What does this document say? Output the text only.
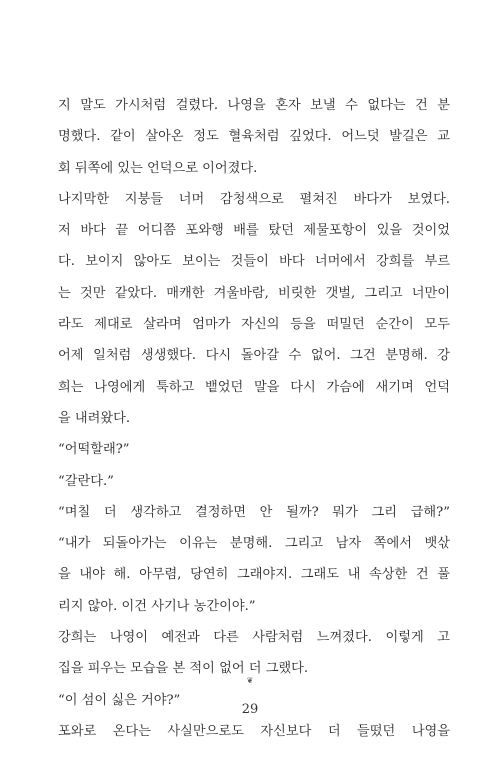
지 말도 가시처럼 걸렸다. 나영을 혼자 보낼 수 없다는 건 분
명했다. 같이 살아온 정도 혈육처럼 깊었다. 어느덧 발길은 교
회 뒤쪽에 있는 언덕으로 이어졌다.
나지막한 지붕들 너머 감청색으로 펼쳐진 바다가 보였다.
저 바다 끝 어디쯤 포와행 배를 탔던 제물포항이 있을 것이었
다. 보이지 않아도 보이는 것들이 바다 너머에서 강희를 부르
는 것만 같았다. 매캐한 겨울바람, 비릿한 갯벌, 그리고 너만이
라도 제대로 살라며 엄마가 자신의 등을 떠밀던 순간이 모두
어제 일처럼 생생했다. 다시 돌아갈 수 없어. 그건 분명해. 강
희는 나영에게 툭하고 뱉었던 말을 다시 가슴에 새기며 언덕
을 내려왔다.
“어떡할래?”
“갈란다.”
“며칠 더 생각하고 결정하면 안 될까? 뭐가 그리 급해?”
“내가 되돌아가는 이유는 분명해. 그리고 남자 쪽에서 뱃삯
을 내야 해. 아무렴, 당연히 그래야지. 그래도 내 속상한 건 풀
리지 않아. 이건 사기나 농간이야.”
강희는 나영이 예전과 다른 사람처럼 느껴졌다. 이렇게 고
집을 피우는 모습을 본 적이 없어 더 그랬다.
“이 섬이 싫은 거야?”
포와로 온다는 사실만으로도 자신보다 더 들떴던 나영을
❦
29
